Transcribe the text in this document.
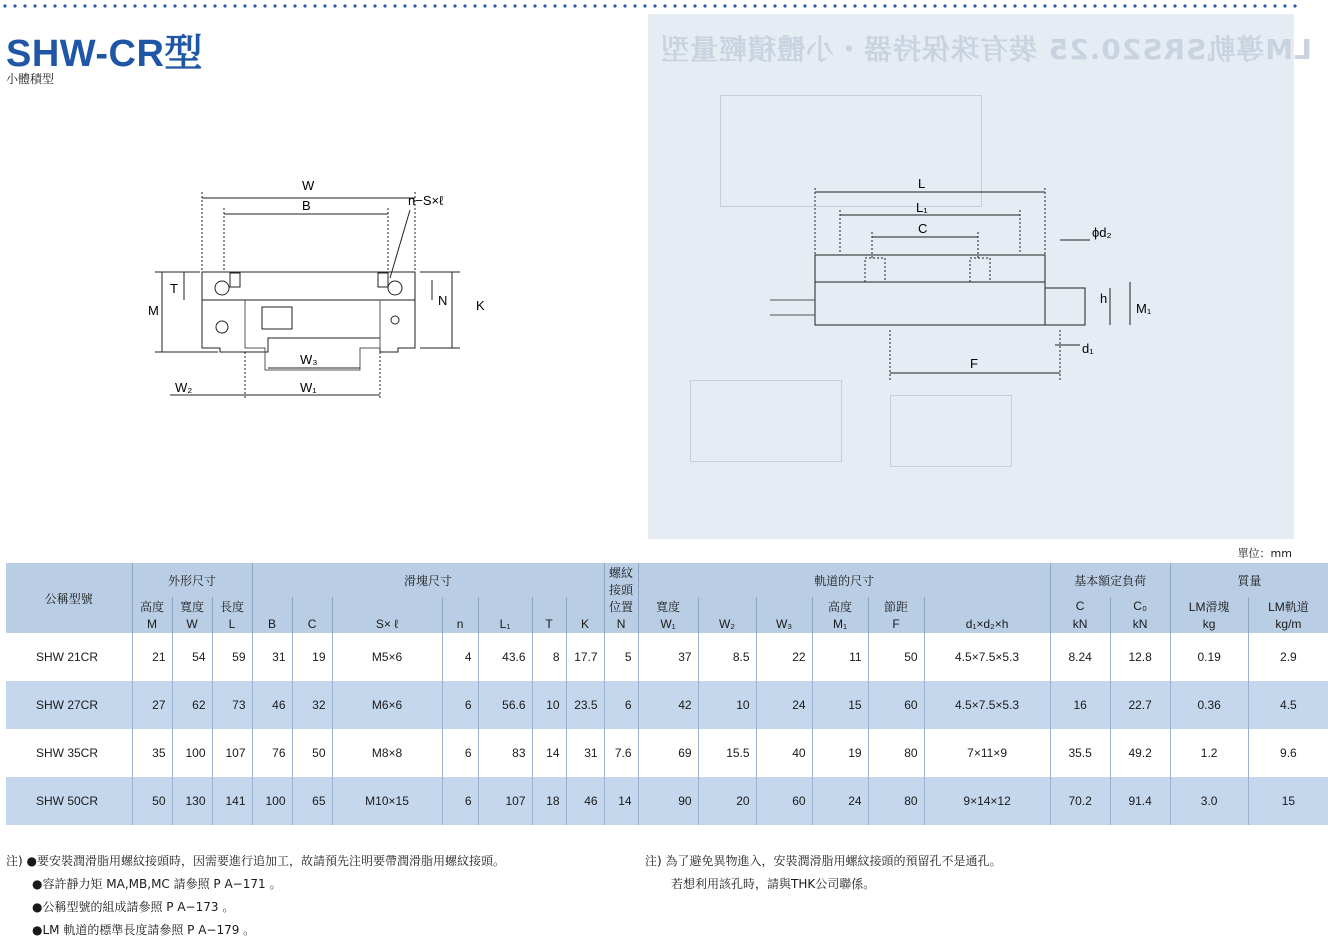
LM導軌SRS20.25 裝有珠保持器・小體積輕量型
SHW-CR型
小體積型
W
B	n−S×ℓ
T
M
N K
W₃
W₂	W₁
L
L₁
C	ϕd₂
h
M₁
d₁
F
單位：mm
公稱型號	外形尺寸			滑塊尺寸							螺紋接頭位置	軌道的尺寸						基本額定負荷		質量	
	高度	寬度	長度									寬度			高度	節距		C	C₀	LM滑塊	LM軌道
	M	W	L	B	C	S× ℓ	n	L₁	T	K	N	W₁	W₂	W₃	M₁	F	d₁×d₂×h	kN	kN	kg	kg/m
SHW 21CR	21	54	59	31	19	M5×6	4	43.6	8	17.7	5	37	8.5	22	11	50	4.5×7.5×5.3	8.24	12.8	0.19	2.9
SHW 27CR	27	62	73	46	32	M6×6	6	56.6	10	23.5	6	42	10	24	15	60	4.5×7.5×5.3	16	22.7	0.36	4.5
SHW 35CR	35	100	107	76	50	M8×8	6	83	14	31	7.6	69	15.5	40	19	80	7×11×9	35.5	49.2	1.2	9.6
SHW 50CR	50	130	141	100	65	M10×15	6	107	18	46	14	90	20	60	24	80	9×14×12	70.2	91.4	3.0	15
注) ●要安裝潤滑脂用螺紋接頭時，因需要進行追加工，故請預先注明要帶潤滑脂用螺紋接頭。
●容許靜力矩 MA,MB,MC 請參照 P A−171 。
●公稱型號的組成請參照 P A−173 。
●LM 軌道的標準長度請參照 P A−179 。
注) 為了避免異物進入，安裝潤滑脂用螺紋接頭的預留孔不是通孔。
若想利用該孔時，請與THK公司聯係。
